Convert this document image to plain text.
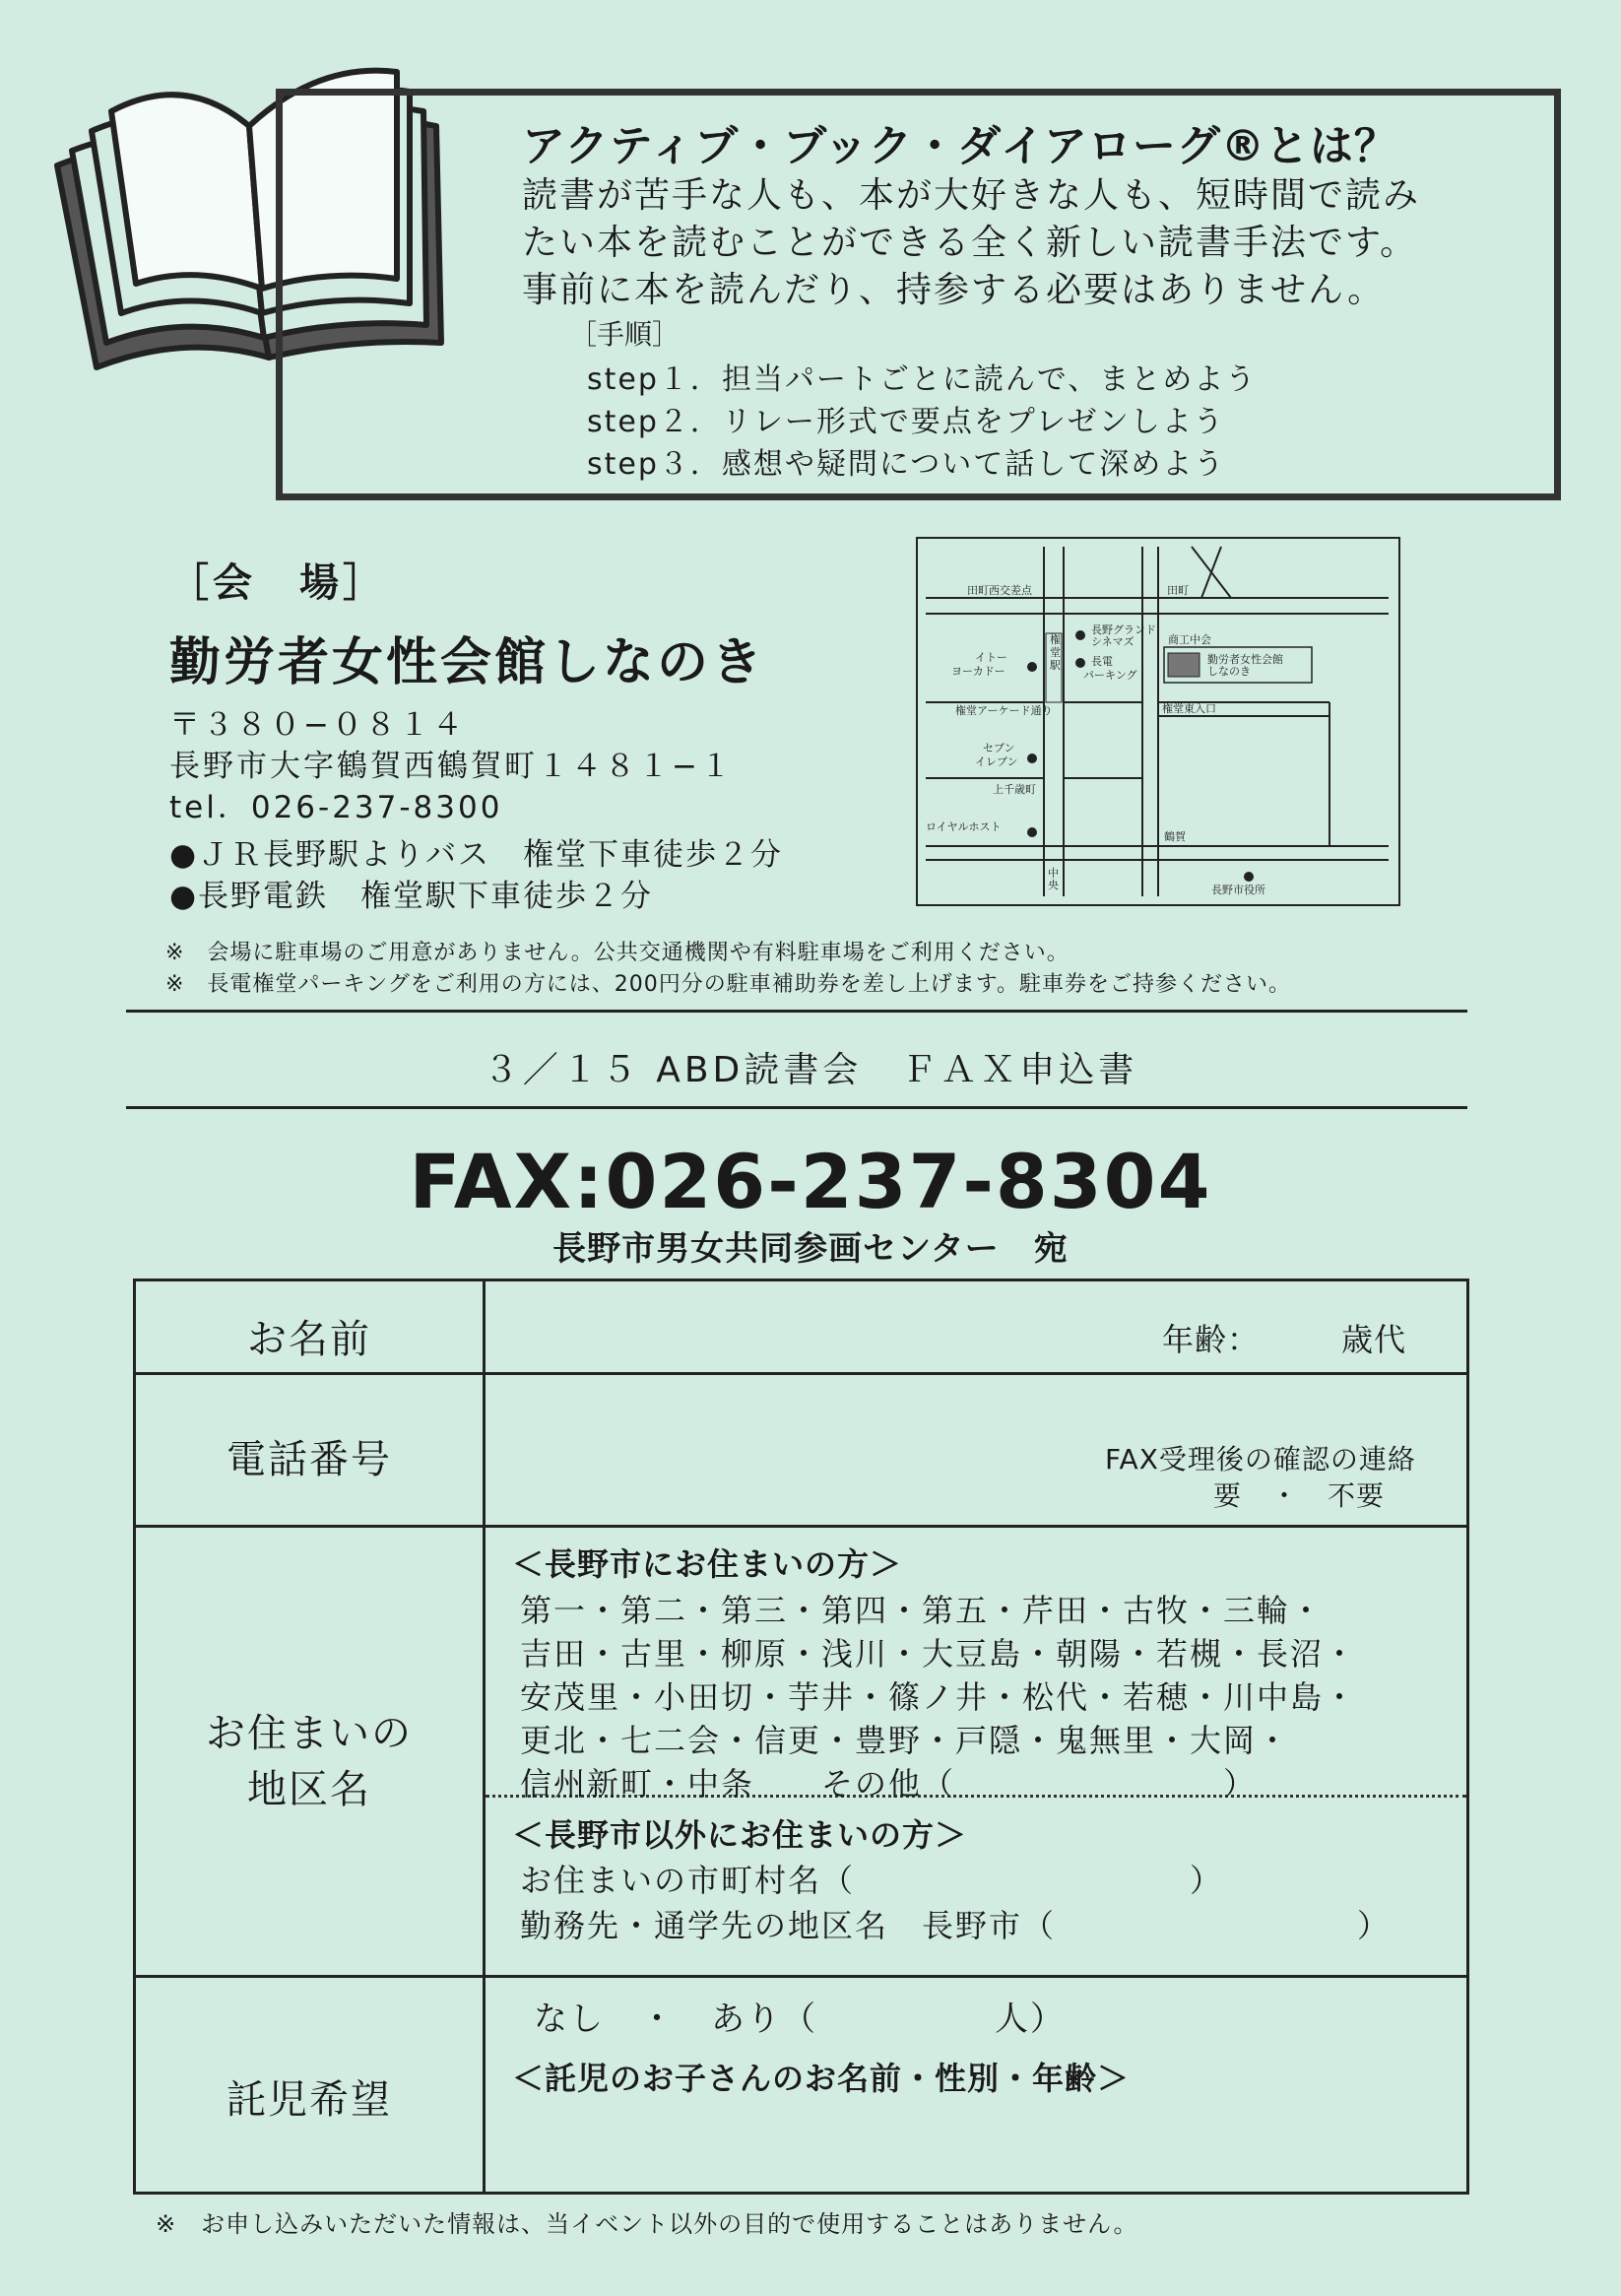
アクティブ・ブック・ダイアローグ®とは？
読書が苦手な人も、本が大好きな人も、短時間で読み
たい本を読むことができる全く新しい読書手法です。
事前に本を読んだり、持参する必要はありません。
［手順］
step１．担当パートごとに読んで、まとめよう
step２．リレー形式で要点をプレゼンしよう
step３．感想や疑問について話して深めよう
［会　場］
勤労者女性会館しなのき
〒３８０−０８１４
長野市大字鶴賀西鶴賀町１４８１−１
tel．026-237-8300
●ＪＲ長野駅よりバス　権堂下車徒歩２分
●長野電鉄　権堂駅下車徒歩２分
田町西交差点	田町
長野グランド
シネマズ	商工中会
勤労者女性会館
しなのき
イトー
ヨーカドー
長電
パーキング
権堂アーケード通り	権堂東入口
セブン
イレブン
上千歳町
ロイヤルホスト
鶴賀
長野市役所
権
堂
駅
中
央
※　会場に駐車場のご用意がありません。公共交通機関や有料駐車場をご利用ください。
※　長電権堂パーキングをご利用の方には、200円分の駐車補助券を差し上げます。駐車券をご持参ください。
３／１５ ABD読書会　ＦＡＸ申込書
FAX:026-237-8304
長野市男女共同参画センター　宛
お名前	年齢：　　　歳代
電話番号	FAX受理後の確認の連絡
要　・　不要
お住まいの
地区名
＜長野市にお住まいの方＞
第一・第二・第三・第四・第五・芹田・古牧・三輪・
吉田・古里・柳原・浅川・大豆島・朝陽・若槻・長沼・
安茂里・小田切・芋井・篠ノ井・松代・若穂・川中島・
更北・七二会・信更・豊野・戸隠・鬼無里・大岡・
信州新町・中条　　その他（　　　　　　　　）
＜長野市以外にお住まいの方＞
お住まいの市町村名（　　　　　　　　　　）
勤務先・通学先の地区名　長野市（　　　　　　　　　）
託児希望
なし　・　あり（　　　　　人）
＜託児のお子さんのお名前・性別・年齢＞
※　お申し込みいただいた情報は、当イベント以外の目的で使用することはありません。
